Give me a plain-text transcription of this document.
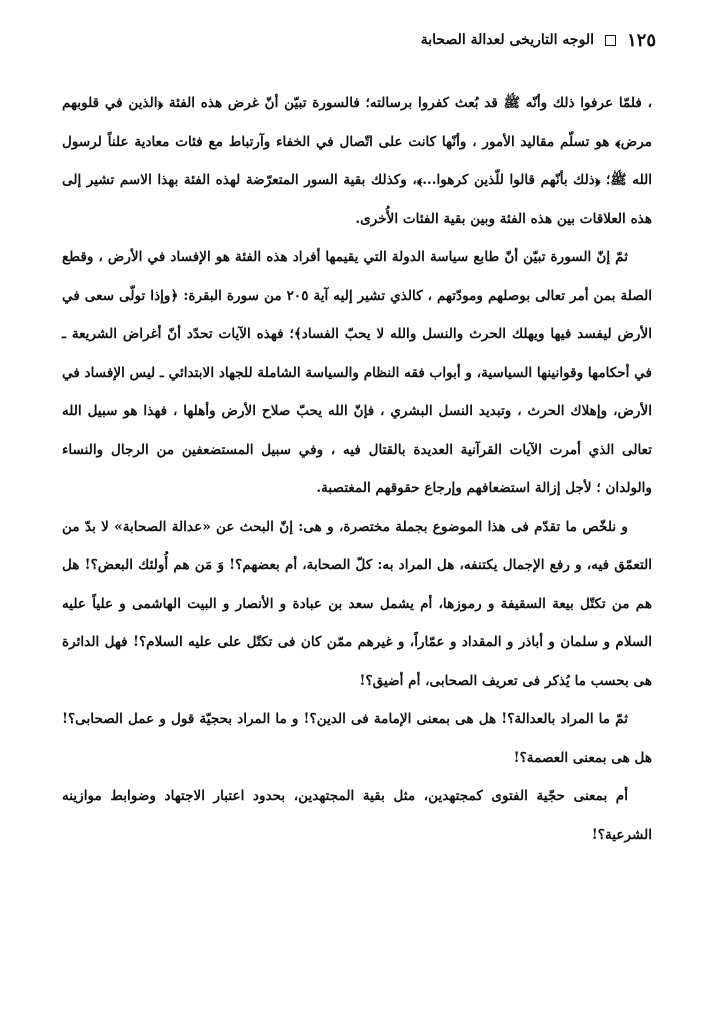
١٢٥
الوجه التاريخى لعدالة الصحابة

، فلمّا عرفوا ذلك وأنّه ﷺ قد بُعث كفروا برسالته؛ فالسورة تبيّن أنّ غرض هذه الفئة ﴿الذين في قلوبهم مرض﴾ هو تسلّم مقاليد الأمور ، وأنّها كانت على اتّصال في الخفاء وآرتباط مع فئات معادية علناً لرسول الله ﷺ؛ ﴿ذلك بأنّهم قالوا للّذين كرهوا...﴾، وكذلك بقية السور المتعرّضة لهذه الفئة بهذا الاسم تشير إلى هذه العلاقات بين هذه الفئة وبين بقية الفئات الأُخرى.

ثمّ إنّ السورة تبيّن أنّ طابع سياسة الدولة التي يقيمها أفراد هذه الفئة هو الإفساد في الأرض ، وقطع الصلة بمن أمر تعالى بوصلهم ومودّتهم ، كالذي تشير إليه آية ٢٠٥ من سورة البقرة: ﴿وإذا تولّى سعى في الأرض ليفسد فيها ويهلك الحرث والنسل والله لا يحبّ الفساد﴾؛ فهذه الآيات تحدّد أنّ أغراض الشريعة ـ في أحكامها وقوانينها السياسية، و أبواب فقه النظام والسياسة الشاملة للجهاد الابتدائي ـ ليس الإفساد في الأرض، وإهلاك الحرث ، وتبديد النسل البشري ، فإنّ الله يحبّ صلاح الأرض وأهلها ، فهذا هو سبيل الله تعالى الذي أمرت الآيات القرآنية العديدة بالقتال فيه ، وفي سبيل المستضعفين من الرجال والنساء والولدان ؛ لأجل إزالة استضعافهم وإرجاع حقوقهم المغتصبة.

و نلخّص ما تقدّم فى هذا الموضوع بجملة مختصرة، و هى: إنّ البحث عن «عدالة الصحابة» لا بدّ من التعمّق فيه، و رفع الإجمال يكتنفه، هل المراد به: كلّ الصحابة، أم بعضهم؟! وَ مَن هم أُولئك البعض؟! هل هم من تكتّل بيعة السقيفة و رموزها، أم يشمل سعد بن عبادة و الأنصار و البيت الهاشمى و علياً عليه السلام و سلمان و أباذر و المقداد و عمّاراً، و غيرهم ممّن كان فى تكتّل على عليه السلام؟! فهل الدائرة هى بحسب ما يُذكر فى تعريف الصحابى، أم أضيق؟!

ثمّ ما المراد بالعدالة؟! هل هى بمعنى الإمامة فى الدين؟! و ما المراد بحجيّة قول و عمل الصحابى؟! هل هى بمعنى العصمة؟!

أم بمعنى حجّية الفتوى كمجتهدين، مثل بقية المجتهدين، بحدود اعتبار الاجتهاد وضوابط موازينه الشرعية؟!
